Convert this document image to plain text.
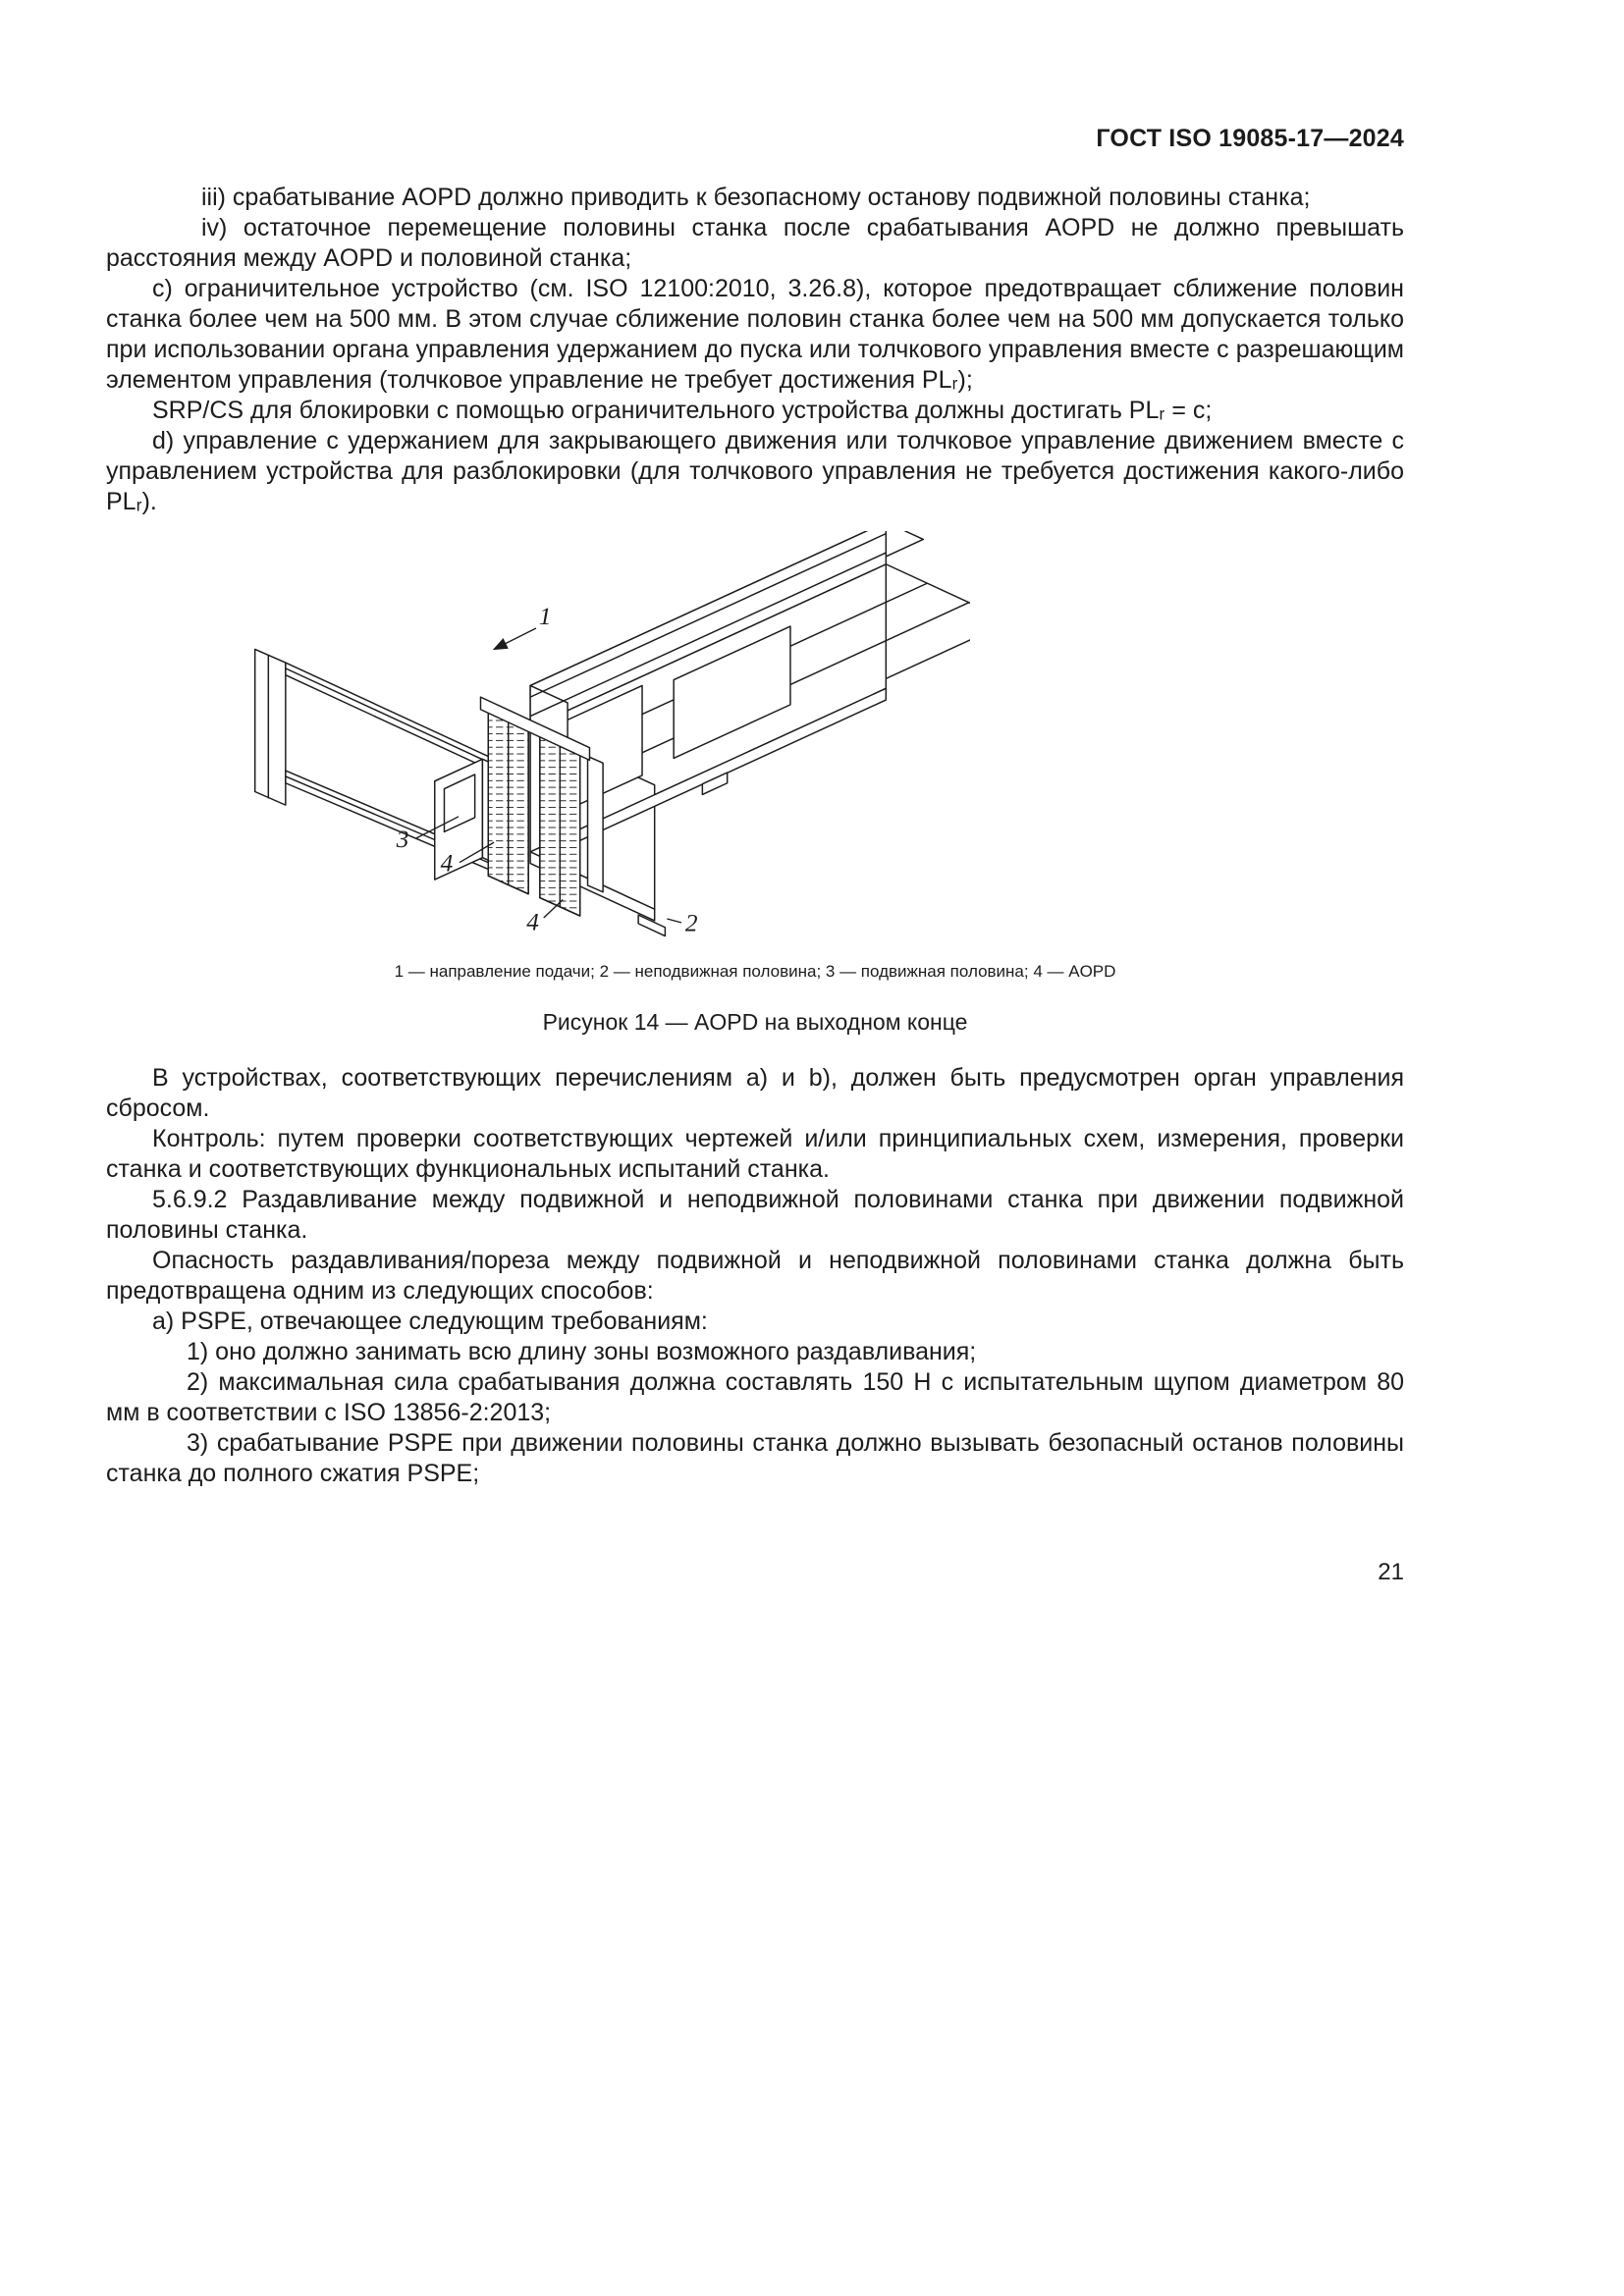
ГОСТ ISO 19085-17—2024

iii) срабатывание AOPD должно приводить к безопасному останову подвижной половины станка;

iv) остаточное перемещение половины станка после срабатывания AOPD не должно превышать расстояния между AOPD и половиной станка;

c) ограничительное устройство (см. ISO 12100:2010, 3.26.8), которое предотвращает сближение половин станка более чем на 500 мм. В этом случае сближение половин станка более чем на 500 мм допускается только при использовании органа управления удержанием до пуска или толчкового управления вместе с разрешающим элементом управления (толчковое управление не требует достижения PLᵣ);

SRP/CS для блокировки с помощью ограничительного устройства должны достигать PLᵣ = c;

d) управление с удержанием для закрывающего движения или толчковое управление движением вместе с управлением устройства для разблокировки (для толчкового управления не требуется достижения какого-либо PLᵣ).

1
3
4
4	2
1 — направление подачи; 2 — неподвижная половина; 3 — подвижная половина; 4 — AOPD
Рисунок 14 — AOPD на выходном конце

В устройствах, соответствующих перечислениям a) и b), должен быть предусмотрен орган управления сбросом.

Контроль: путем проверки соответствующих чертежей и/или принципиальных схем, измерения, проверки станка и соответствующих функциональных испытаний станка.

5.6.9.2 Раздавливание между подвижной и неподвижной половинами станка при движении подвижной половины станка.

Опасность раздавливания/пореза между подвижной и неподвижной половинами станка должна быть предотвращена одним из следующих способов:

a) PSPE, отвечающее следующим требованиям:

1) оно должно занимать всю длину зоны возможного раздавливания;

2) максимальная сила срабатывания должна составлять 150 Н с испытательным щупом диаметром 80 мм в соответствии с ISO 13856-2:2013;

3) срабатывание PSPE при движении половины станка должно вызывать безопасный останов половины станка до полного сжатия PSPE;

21
